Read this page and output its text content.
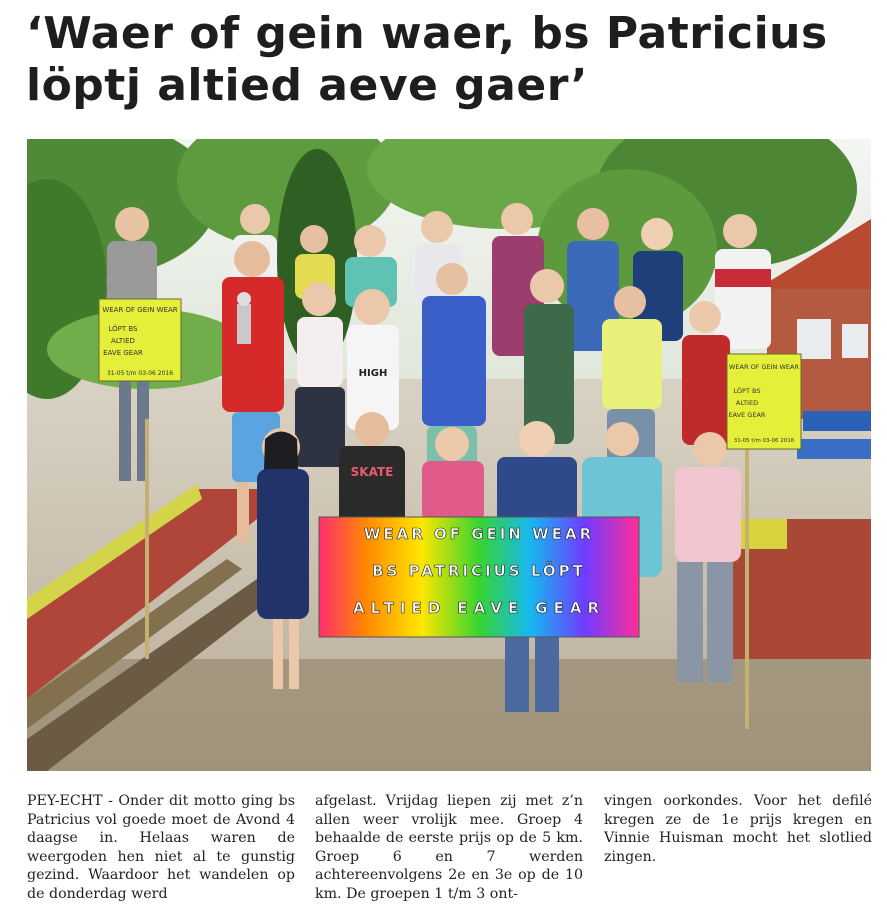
‘Waer of gein waer, bs Patricius löptj altied aeve gaer’
WEAR OF GEIN WEAR
BS PATRICIUS LÖPT
ALTIED EAVE GEAR
WEAR OF GEIN WEAR
LÖPT BS
ALTIED
EAVE GEAR
31-05 t/m 03-06 2016
WEAR OF GEIN WEAR
LÖPT BS
ALTIED
EAVE GEAR
31-05 t/m 03-06 2016
SKATE
HIGH
PEY-ECHT - Onder dit motto ging bs Patricius vol goede moet de Avond 4 daagse in. Helaas waren de weergoden hen niet al te gunstig gezind. Waardoor het wandelen op de donderdag werd
afgelast. Vrijdag liepen zij met z’n allen weer vrolijk mee. Groep 4 behaalde de eerste prijs op de 5 km. Groep 6 en 7 werden achtereenvolgens 2e en 3e op de 10 km. De groepen 1 t/m 3 ont-
vingen oorkondes. Voor het defilé kregen ze de 1e prijs kregen en Vinnie Huisman mocht het slotlied zingen.
